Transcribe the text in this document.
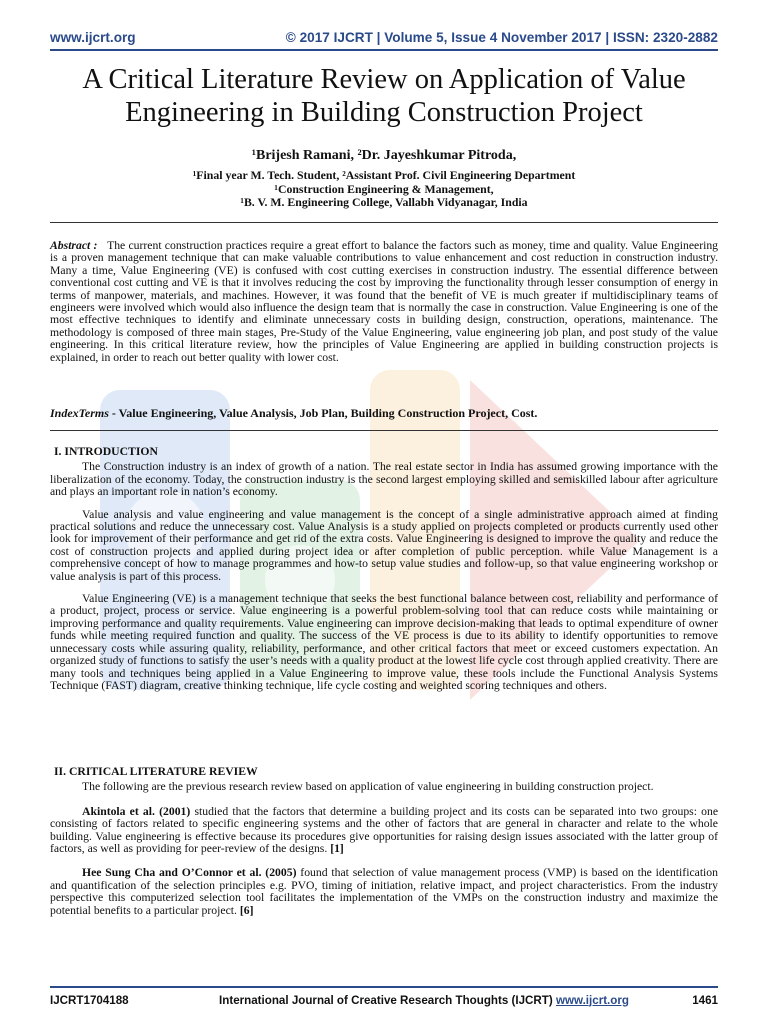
www.ijcrt.org	© 2017 IJCRT | Volume 5, Issue 4 November 2017 | ISSN: 2320-2882
A Critical Literature Review on Application of Value
Engineering in Building Construction Project
¹Brijesh Ramani, ²Dr. Jayeshkumar Pitroda,
¹Final year M. Tech. Student, ²Assistant Prof. Civil Engineering Department
¹Construction Engineering & Management,
¹B. V. M. Engineering College, Vallabh Vidyanagar, India
Abstract : The current construction practices require a great effort to balance the factors such as money, time and quality. Value Engineering is a proven management technique that can make valuable contributions to value enhancement and cost reduction in construction industry. Many a time, Value Engineering (VE) is confused with cost cutting exercises in construction industry. The essential difference between conventional cost cutting and VE is that it involves reducing the cost by improving the functionality through lesser consumption of energy in terms of manpower, materials, and machines. However, it was found that the benefit of VE is much greater if multidisciplinary teams of engineers were involved which would also influence the design team that is normally the case in construction. Value Engineering is one of the most effective techniques to identify and eliminate unnecessary costs in building design, construction, operations, maintenance. The methodology is composed of three main stages, Pre-Study of the Value Engineering, value engineering job plan, and post study of the value engineering. In this critical literature review, how the principles of Value Engineering are applied in building construction projects is explained, in order to reach out better quality with lower cost.
IndexTerms - Value Engineering, Value Analysis, Job Plan, Building Construction Project, Cost.
I. INTRODUCTION

The Construction industry is an index of growth of a nation. The real estate sector in India has assumed growing importance with the liberalization of the economy. Today, the construction industry is the second largest employing skilled and semiskilled labour after agriculture and plays an important role in nation’s economy.

Value analysis and value engineering and value management is the concept of a single administrative approach aimed at finding practical solutions and reduce the unnecessary cost. Value Analysis is a study applied on projects completed or products currently used other look for improvement of their performance and get rid of the extra costs. Value Engineering is designed to improve the quality and reduce the cost of construction projects and applied during project idea or after completion of public perception. while Value Management is a comprehensive concept of how to manage programmes and how-to setup value studies and follow-up, so that value engineering workshop or value analysis is part of this process.

Value Engineering (VE) is a management technique that seeks the best functional balance between cost, reliability and performance of a product, project, process or service. Value engineering is a powerful problem-solving tool that can reduce costs while maintaining or improving performance and quality requirements. Value engineering can improve decision-making that leads to optimal expenditure of owner funds while meeting required function and quality. The success of the VE process is due to its ability to identify opportunities to remove unnecessary costs while assuring quality, reliability, performance, and other critical factors that meet or exceed customers expectation. An organized study of functions to satisfy the user’s needs with a quality product at the lowest life cycle cost through applied creativity. There are many tools and techniques being applied in a Value Engineering to improve value, these tools include the Functional Analysis Systems Technique (FAST) diagram, creative thinking technique, life cycle costing and weighted scoring techniques and others.

II. CRITICAL LITERATURE REVIEW

The following are the previous research review based on application of value engineering in building construction project.

Akintola et al. (2001) studied that the factors that determine a building project and its costs can be separated into two groups: one consisting of factors related to specific engineering systems and the other of factors that are general in character and relate to the whole building. Value engineering is effective because its procedures give opportunities for raising design issues associated with the latter group of factors, as well as providing for peer-review of the designs. [1]

Hee Sung Cha and O’Connor et al. (2005) found that selection of value management process (VMP) is based on the identification and quantification of the selection principles e.g. PVO, timing of initiation, relative impact, and project characteristics. From the industry perspective this computerized selection tool facilitates the implementation of the VMPs on the construction industry and maximize the potential benefits to a particular project. [6]

IJCRT1704188	International Journal of Creative Research Thoughts (IJCRT) www.ijcrt.org	1461
